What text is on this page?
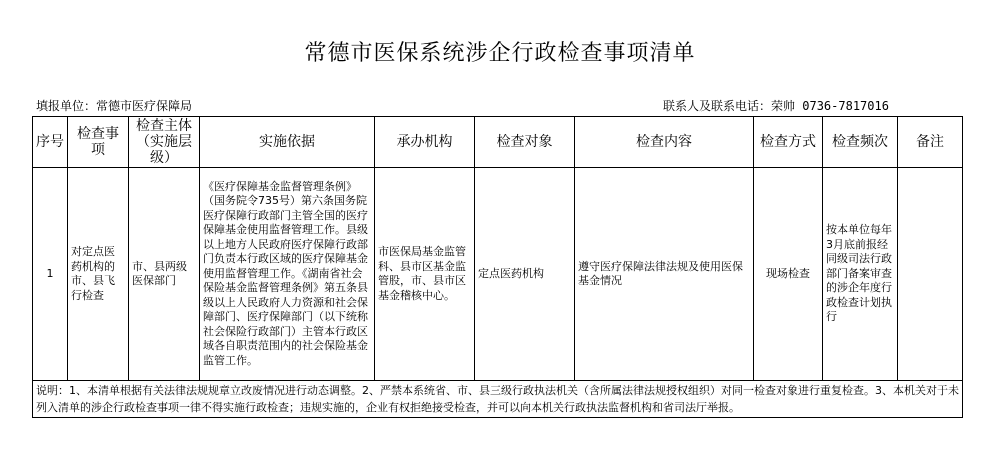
常德市医保系统涉企行政检查事项清单
填报单位：常德市医疗保障局	联系人及联系电话：荣帅 0736-7817016
序号	检查事项	检查主体（实施层级）	实施依据	承办机构	检查对象	检查内容	检查方式	检查频次	备注
1	对定点医药机构的市、县飞行检查	市、县两级医保部门	《医疗保障基金监督管理条例》（国务院令735号）第六条国务院医疗保障行政部门主管全国的医疗保障基金使用监督管理工作。县级以上地方人民政府医疗保障行政部门负责本行政区域的医疗保障基金使用监督管理工作。《湖南省社会保险基金监督管理条例》第五条县级以上人民政府人力资源和社会保障部门、医疗保障部门（以下统称社会保险行政部门）主管本行政区域各自职责范围内的社会保险基金监管工作。	市医保局基金监管科、县市区基金监管股，市、县市区基金稽核中心。	定点医药机构	遵守医疗保障法律法规及使用医保基金情况	现场检查	按本单位每年3月底前报经同级司法行政部门备案审查的涉企年度行政检查计划执行	
说明：1、本清单根据有关法律法规规章立改废情况进行动态调整。2、严禁本系统省、市、县三级行政执法机关（含所属法律法规授权组织）对同一检查对象进行重复检查。3、本机关对于未列入清单的涉企行政检查事项一律不得实施行政检查；违规实施的，企业有权拒绝接受检查，并可以向本机关行政执法监督机构和省司法厅举报。									
